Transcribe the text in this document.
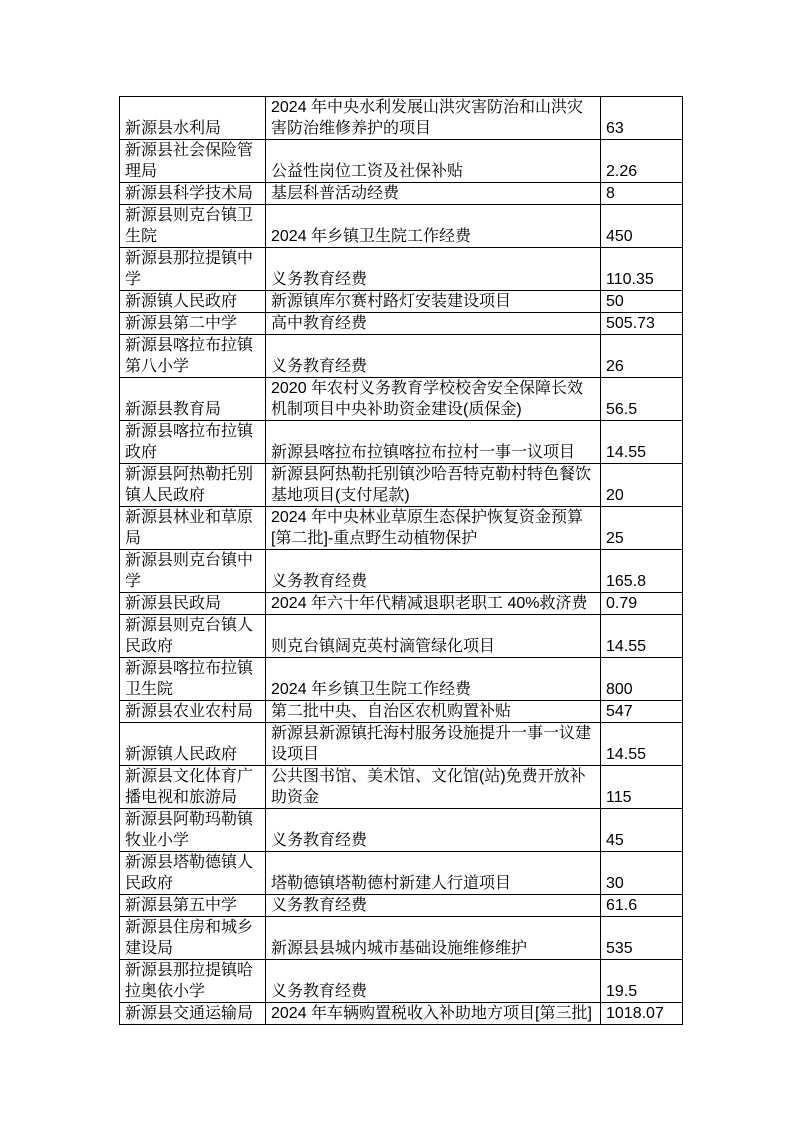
新源县水利局	2024 年中央水利发展山洪灾害防治和山洪灾害防治维修养护的项目	63
新源县社会保险管理局	公益性岗位工资及社保补贴	2.26
新源县科学技术局	基层科普活动经费	8
新源县则克台镇卫生院	2024 年乡镇卫生院工作经费	450
新源县那拉提镇中学	义务教育经费	110.35
新源镇人民政府	新源镇库尔赛村路灯安装建设项目	50
新源县第二中学	高中教育经费	505.73
新源县喀拉布拉镇第八小学	义务教育经费	26
新源县教育局	2020 年农村义务教育学校校舍安全保障长效机制项目中央补助资金建设(质保金)	56.5
新源县喀拉布拉镇政府	新源县喀拉布拉镇喀拉布拉村一事一议项目	14.55
新源县阿热勒托别镇人民政府	新源县阿热勒托别镇沙哈吾特克勒村特色餐饮基地项目(支付尾款)	20
新源县林业和草原局	2024 年中央林业草原生态保护恢复资金预算[第二批]-重点野生动植物保护	25
新源县则克台镇中学	义务教育经费	165.8
新源县民政局	2024 年六十年代精减退职老职工 40%救济费	0.79
新源县则克台镇人民政府	则克台镇阔克英村滴管绿化项目	14.55
新源县喀拉布拉镇卫生院	2024 年乡镇卫生院工作经费	800
新源县农业农村局	第二批中央、自治区农机购置补贴	547
新源镇人民政府	新源县新源镇托海村服务设施提升一事一议建设项目	14.55
新源县文化体育广播电视和旅游局	公共图书馆、美术馆、文化馆(站)免费开放补助资金	115
新源县阿勒玛勒镇牧业小学	义务教育经费	45
新源县塔勒德镇人民政府	塔勒德镇塔勒德村新建人行道项目	30
新源县第五中学	义务教育经费	61.6
新源县住房和城乡建设局	新源县县城内城市基础设施维修维护	535
新源县那拉提镇哈拉奥依小学	义务教育经费	19.5
新源县交通运输局	2024 年车辆购置税收入补助地方项目[第三批]	1018.07
